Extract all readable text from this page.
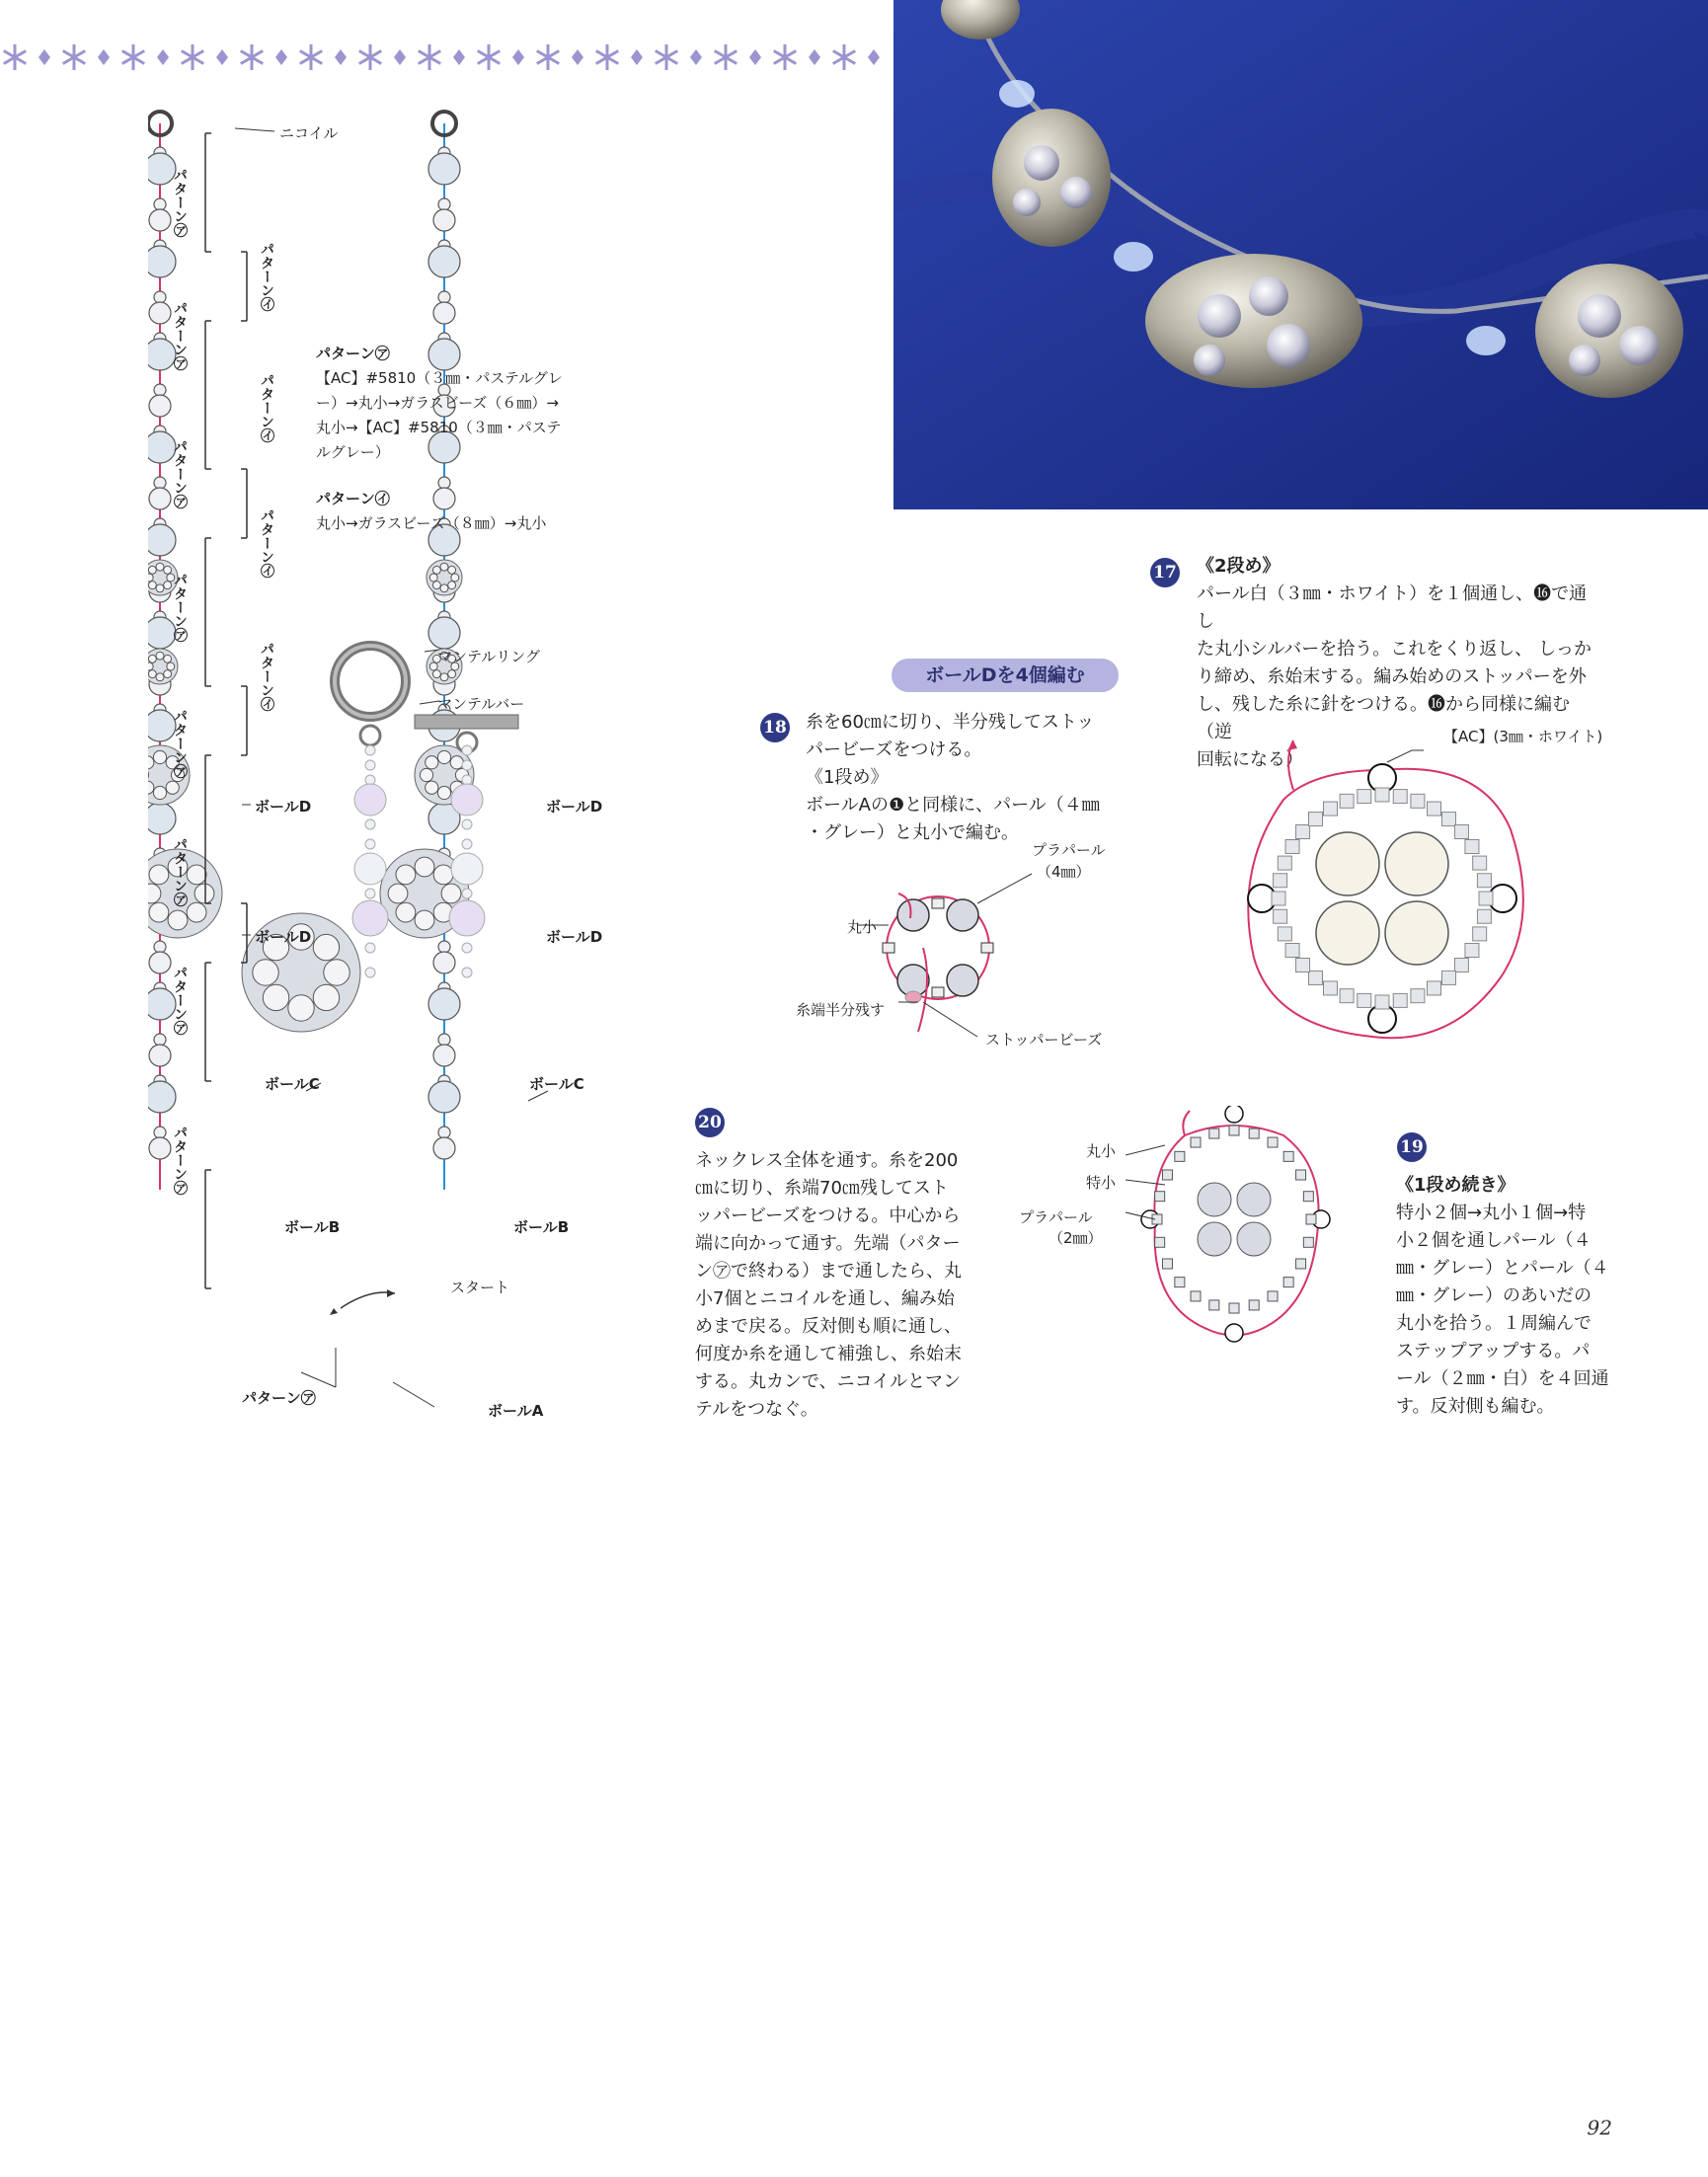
ニコイル
パターン㋐
パターン㋑
パターン㋐
パターン㋑
パターン㋐
パターン㋑
パターン㋐
パターン㋑
パターン㋐
パターン㋐
パターン㋐
パターン㋐
ボールD
ボールD
ボールD
ボールD
ボールC	ボールC
ボールB	ボールB
ボールA
スタート
パターン㋐
パターン㋐
【AC】#5810（３㎜・パステルグレ
ー）→丸小→ガラスビーズ（６㎜）→
丸小→【AC】#5810（３㎜・パステ
ルグレー）
パターン㋑
丸小→ガラスビーズ（８㎜）→丸小
マンテルリング
マンテルバー
ボールDを4個編む
18 糸を60㎝に切り、半分残してストッ
パービーズをつける。
《1段め》
ボールAの❶と同様に、パール（４㎜
・グレー）と丸小で編む。
プラパール
（4㎜）
丸小
糸端半分残す
ストッパービーズ
17 《2段め》
パール白（３㎜・ホワイト）を１個通し、⓰で通し
た丸小シルバーを拾う。これをくり返し、 しっか
り締め、糸始末する。編み始めのストッパーを外
し、残した糸に針をつける。⓰から同様に編む（逆
回転になる）
【AC】(3㎜・ホワイト)
20
ネックレス全体を通す。糸を200
㎝に切り、糸端70㎝残してスト
ッパービーズをつける。中心から
端に向かって通す。先端（パター
ン㋐で終わる）まで通したら、丸
小7個とニコイルを通し、編み始
めまで戻る。反対側も順に通し、
何度か糸を通して補強し、糸始末
する。丸カンで、ニコイルとマン
テルをつなぐ。
丸小
特小
プラパール
（2㎜）
19
《1段め続き》
特小２個→丸小１個→特
小２個を通しパール（４
㎜・グレー）とパール（４
㎜・グレー）のあいだの
丸小を拾う。１周編んで
ステップアップする。パ
ール（２㎜・白）を４回通
す。反対側も編む。
92
